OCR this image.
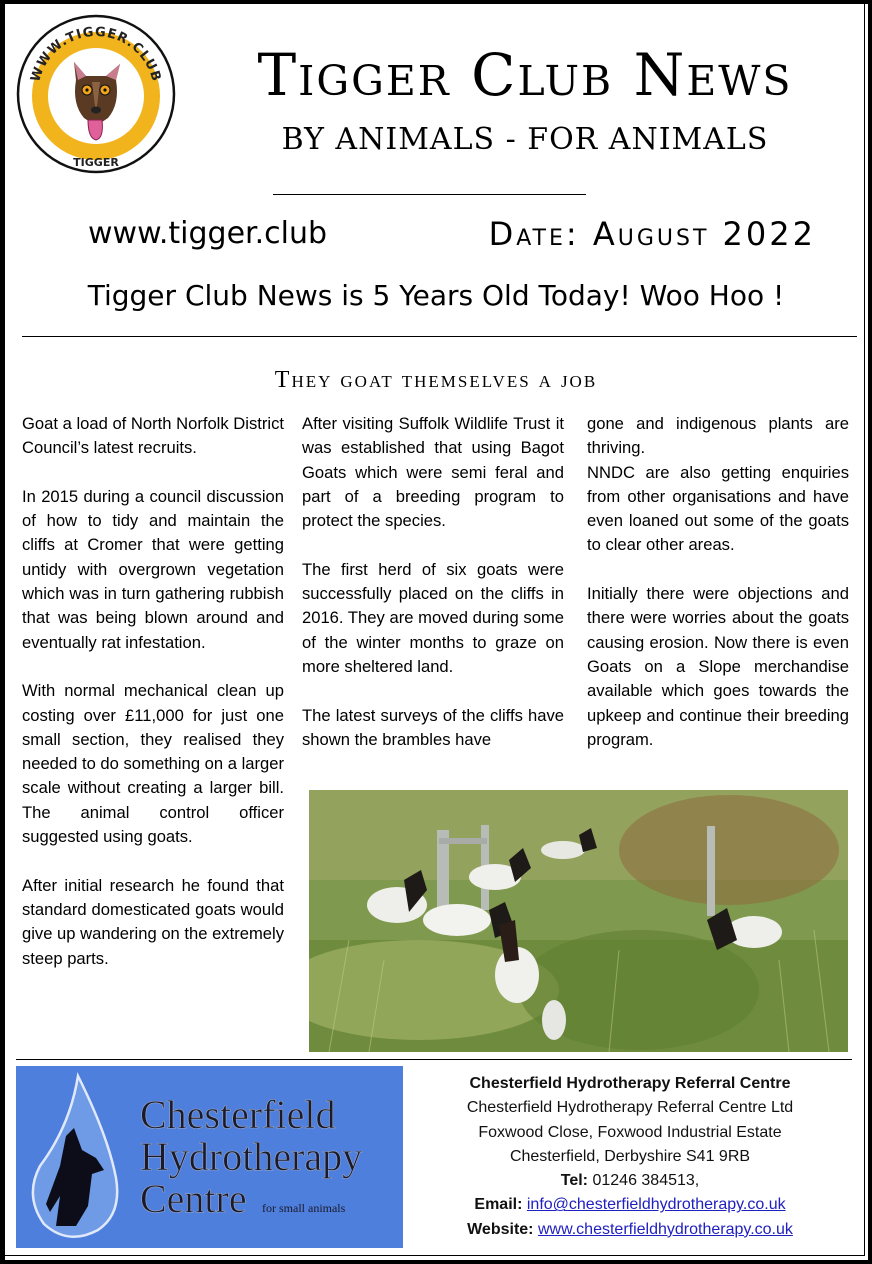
WWW.TIGGER.CLUB
TIGGER
Tigger Club News
BY ANIMALS - FOR ANIMALS
www.tigger.club	Date: August 2022
Tigger Club News is 5 Years Old Today! Woo Hoo !
They goat themselves a job

Goat a load of North Norfolk District Council’s latest recruits.

In 2015 during a council discussion of how to tidy and maintain the cliffs at Cromer that were getting untidy with overgrown vegetation which was in turn gathering rubbish that was being blown around and eventually rat infestation.

With normal mechanical clean up costing over £11,000 for just one small section, they realised they needed to do something on a larger scale without creating a larger bill. The animal control officer suggested using goats.

After initial research he found that standard domesticated goats would give up wandering on the extremely steep parts.

After visiting Suffolk Wildlife Trust it was established that using Bagot Goats which were semi feral and part of a breeding program to protect the species.

The first herd of six goats were successfully placed on the cliffs in 2016. They are moved during some of the winter months to graze on more sheltered land.

The latest surveys of the cliffs have shown the brambles have

gone and indigenous plants are thriving.

NNDC are also getting enquiries from other organisations and have even loaned out some of the goats to clear other areas.

Initially there were objections and there were worries about the goats causing erosion. Now there is even Goats on a Slope merchandise available which goes towards the upkeep and continue their breeding program.

Chesterfield
Hydrotherapy
Centre for small animals
Chesterfield Hydrotherapy Referral Centre
Chesterfield Hydrotherapy Referral Centre Ltd
Foxwood Close, Foxwood Industrial Estate
Chesterfield, Derbyshire S41 9RB
Tel: 01246 384513,
Email: info@chesterfieldhydrotherapy.co.uk
Website: www.chesterfieldhydrotherapy.co.uk
